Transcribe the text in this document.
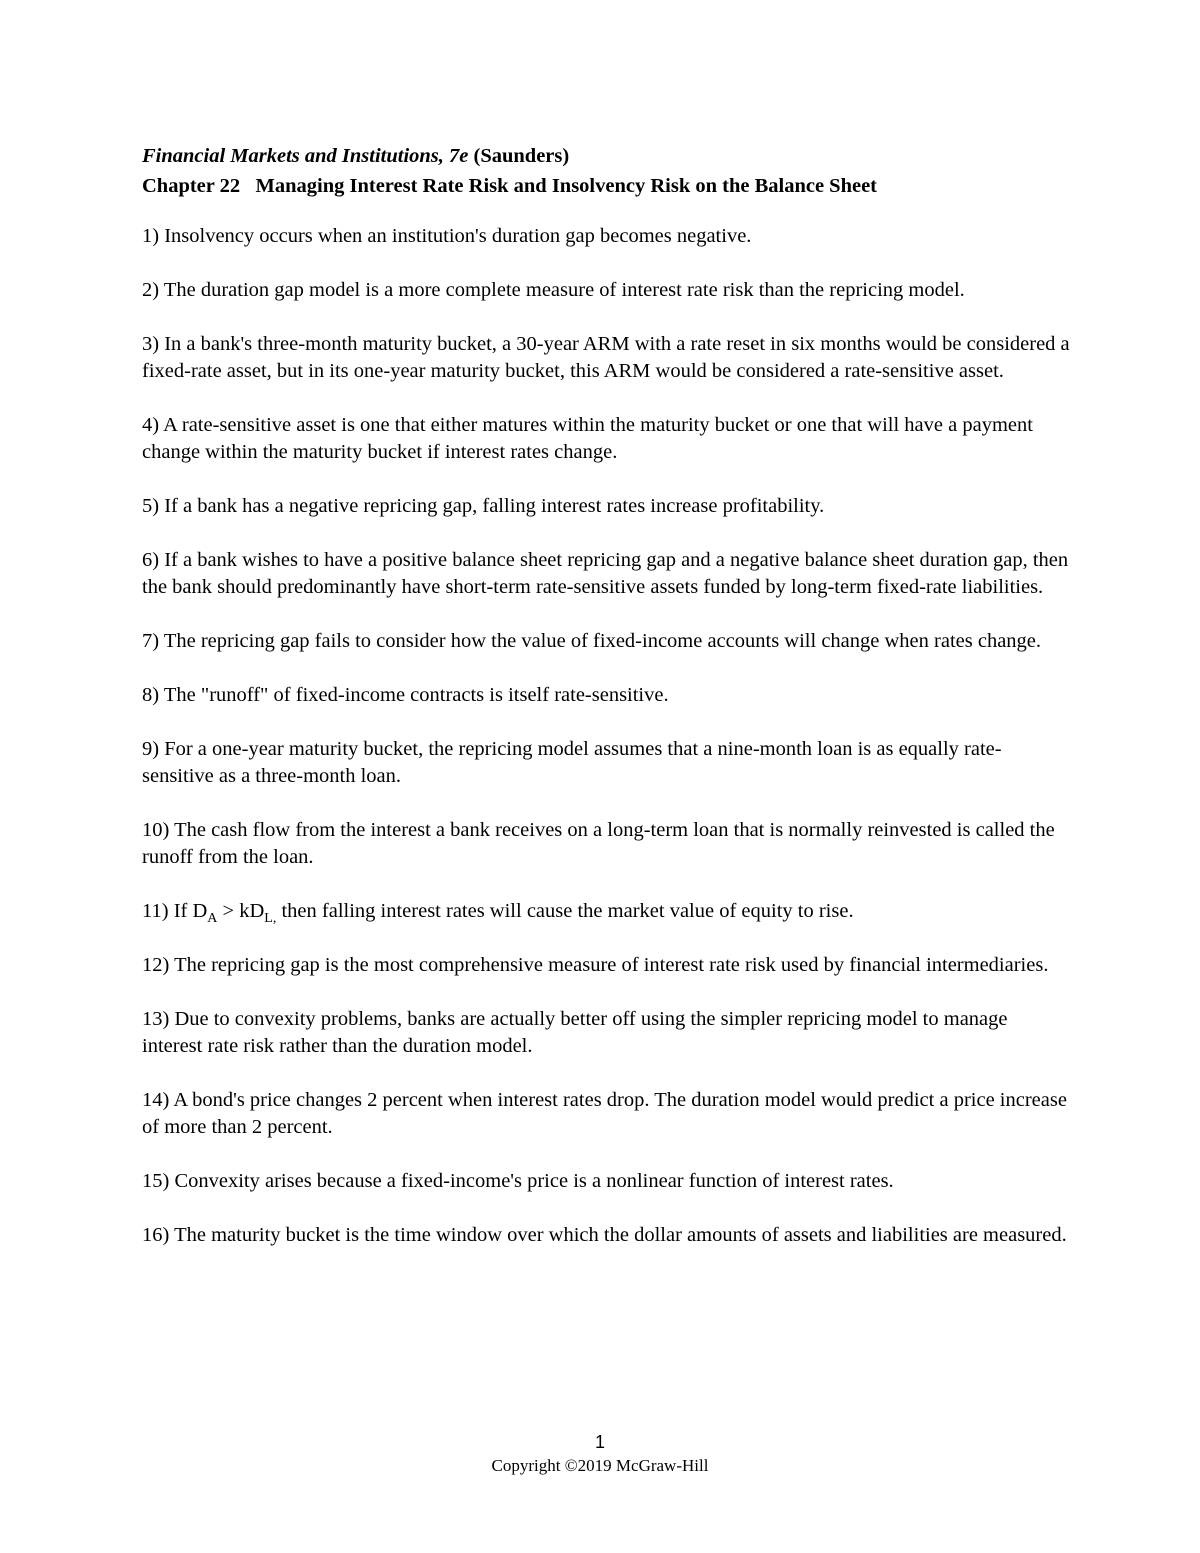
Financial Markets and Institutions, 7e (Saunders)
Chapter 22   Managing Interest Rate Risk and Insolvency Risk on the Balance Sheet

1) Insolvency occurs when an institution's duration gap becomes negative.

2) The duration gap model is a more complete measure of interest rate risk than the repricing model.

3) In a bank's three-month maturity bucket, a 30-year ARM with a rate reset in six months would be considered a fixed-rate asset, but in its one-year maturity bucket, this ARM would be considered a rate-sensitive asset.

4) A rate-sensitive asset is one that either matures within the maturity bucket or one that will have a payment change within the maturity bucket if interest rates change.

5) If a bank has a negative repricing gap, falling interest rates increase profitability.

6) If a bank wishes to have a positive balance sheet repricing gap and a negative balance sheet duration gap, then the bank should predominantly have short-term rate-sensitive assets funded by long-term fixed-rate liabilities.

7) The repricing gap fails to consider how the value of fixed-income accounts will change when rates change.

8) The "runoff" of fixed-income contracts is itself rate-sensitive.

9) For a one-year maturity bucket, the repricing model assumes that a nine-month loan is as equally rate-sensitive as a three-month loan.

10) The cash flow from the interest a bank receives on a long-term loan that is normally reinvested is called the runoff from the loan.

11) If $D_A > kD_{L,}$ then falling interest rates will cause the market value of equity to rise.

12) The repricing gap is the most comprehensive measure of interest rate risk used by financial intermediaries.

13) Due to convexity problems, banks are actually better off using the simpler repricing model to manage interest rate risk rather than the duration model.

14) A bond's price changes 2 percent when interest rates drop. The duration model would predict a price increase of more than 2 percent.

15) Convexity arises because a fixed-income's price is a nonlinear function of interest rates.

16) The maturity bucket is the time window over which the dollar amounts of assets and liabilities are measured.

1
Copyright ©2019 McGraw-Hill
